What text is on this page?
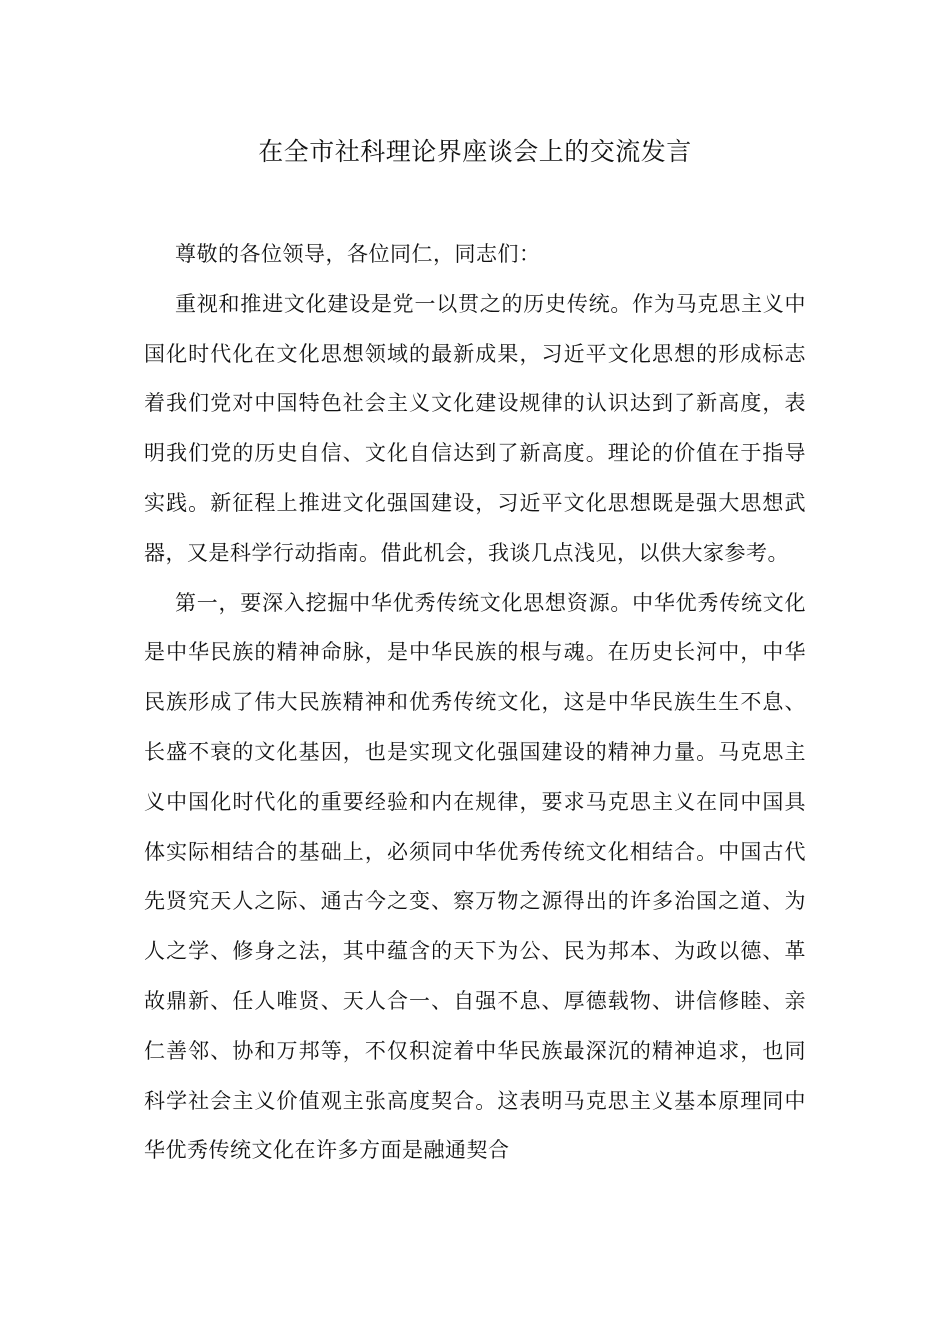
在全市社科理论界座谈会上的交流发言

尊敬的各位领导，各位同仁，同志们：

重视和推进文化建设是党一以贯之的历史传统。作为马克思主义中国化时代化在文化思想领域的最新成果，习近平文化思想的形成标志着我们党对中国特色社会主义文化建设规律的认识达到了新高度，表明我们党的历史自信、文化自信达到了新高度。理论的价值在于指导实践。新征程上推进文化强国建设，习近平文化思想既是强大思想武器，又是科学行动指南。借此机会，我谈几点浅见，以供大家参考。

第一，要深入挖掘中华优秀传统文化思想资源。中华优秀传统文化是中华民族的精神命脉，是中华民族的根与魂。在历史长河中，中华民族形成了伟大民族精神和优秀传统文化，这是中华民族生生不息、长盛不衰的文化基因，也是实现文化强国建设的精神力量。马克思主义中国化时代化的重要经验和内在规律，要求马克思主义在同中国具体实际相结合的基础上，必须同中华优秀传统文化相结合。中国古代先贤究天人之际、通古今之变、察万物之源得出的许多治国之道、为人之学、修身之法，其中蕴含的天下为公、民为邦本、为政以德、革故鼎新、任人唯贤、天人合一、自强不息、厚德载物、讲信修睦、亲仁善邻、协和万邦等，不仅积淀着中华民族最深沉的精神追求，也同科学社会主义价值观主张高度契合。这表明马克思主义基本原理同中华优秀传统文化在许多方面是融通契合
